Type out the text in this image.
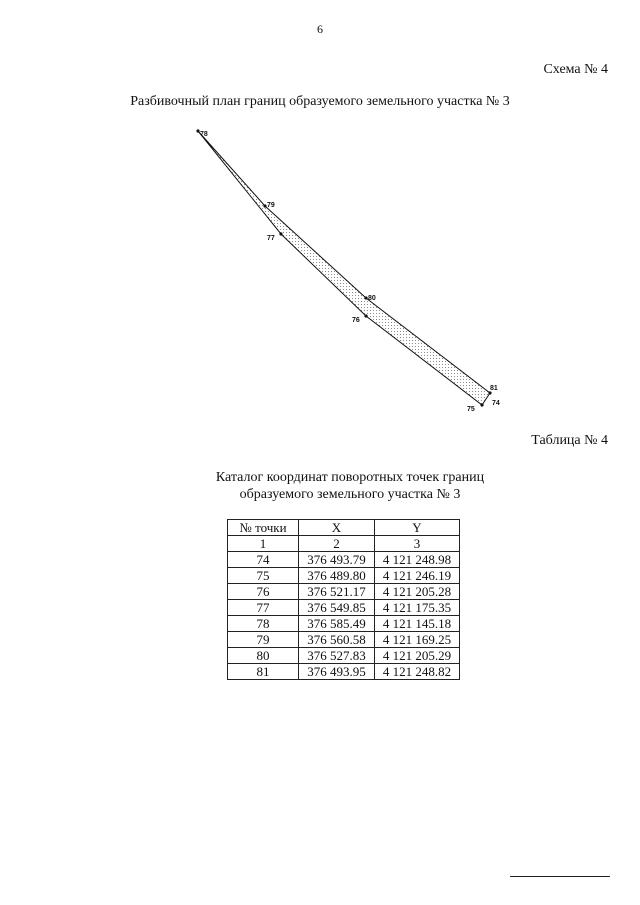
6
Схема № 4
Разбивочный план границ образуемого земельного участка № 3
78
79
77
80
76
81
75
74
Таблица № 4
Каталог координат поворотных точек границ
образуемого земельного участка № 3
№ точки	X	Y
1	2	3
74	376 493.79	4 121 248.98
75	376 489.80	4 121 246.19
76	376 521.17	4 121 205.28
77	376 549.85	4 121 175.35
78	376 585.49	4 121 145.18
79	376 560.58	4 121 169.25
80	376 527.83	4 121 205.29
81	376 493.95	4 121 248.82
